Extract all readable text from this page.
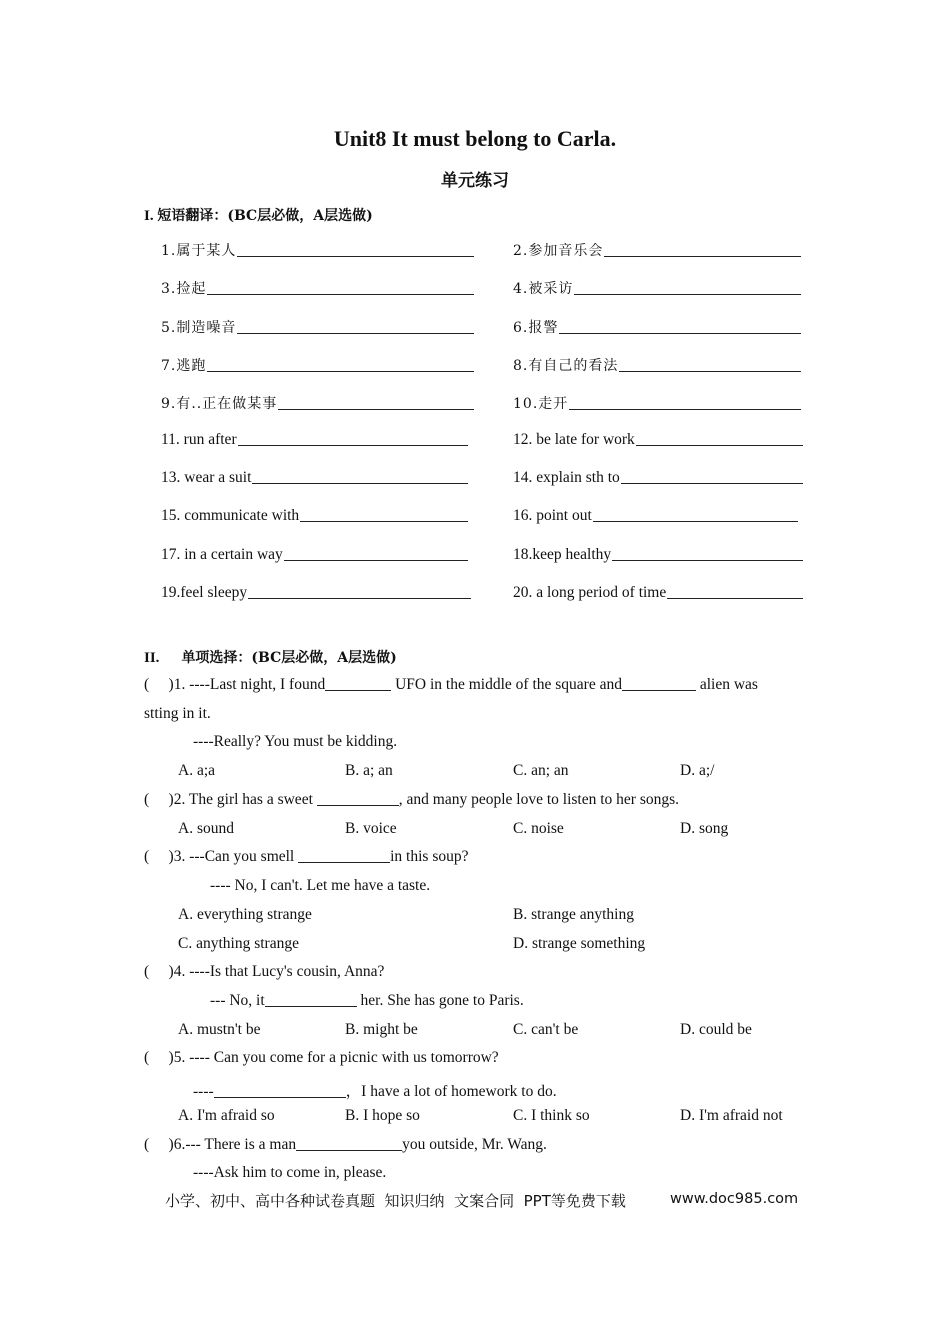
Unit8 It must belong to Carla.
单元练习
I. 短语翻译：(BC层必做，A层选做)
1.属于某人	2.参加音乐会
3.捡起	4.被采访
5.制造噪音	6.报警
7.逃跑	8.有自己的看法
9.有..正在做某事	10.走开
11. run after	12. be late for work
13. wear a suit	14. explain sth to
15. communicate with	16. point out
17. in a certain way	18.keep healthy
19.feel sleepy	20. a long period of time
II. 单项选择：(BC层必做，A层选做)
(     )1. ----Last night, I found	UFO in the middle of the square and	alien was
stting in it.
----Really? You must be kidding.
A. a;a	B. a; an	C. an; an	D. a;/
(     )2. The girl has a sweet	, and many people love to listen to her songs.
A. sound	B. voice	C. noise	D. song
(     )3. ---Can you smell	in this soup?
---- No, I can't. Let me have a taste.
A. everything strange	B. strange anything
C. anything strange	D. strange something
(     )4. ----Is that Lucy's cousin, Anna?
--- No, it	her. She has gone to Paris.
A. mustn't be	B. might be	C. can't be	D. could be
(     )5. ---- Can you come for a picnic with us tomorrow?
----	，I have a lot of homework to do.
A. I'm afraid so	B. I hope so	C. I think so	D. I'm afraid not
(     )6.--- There is a man	you outside, Mr. Wang.
----Ask him to come in, please.
小学、初中、高中各种试卷真题  知识归纳  文案合同  PPT等免费下载	www.doc985.com
